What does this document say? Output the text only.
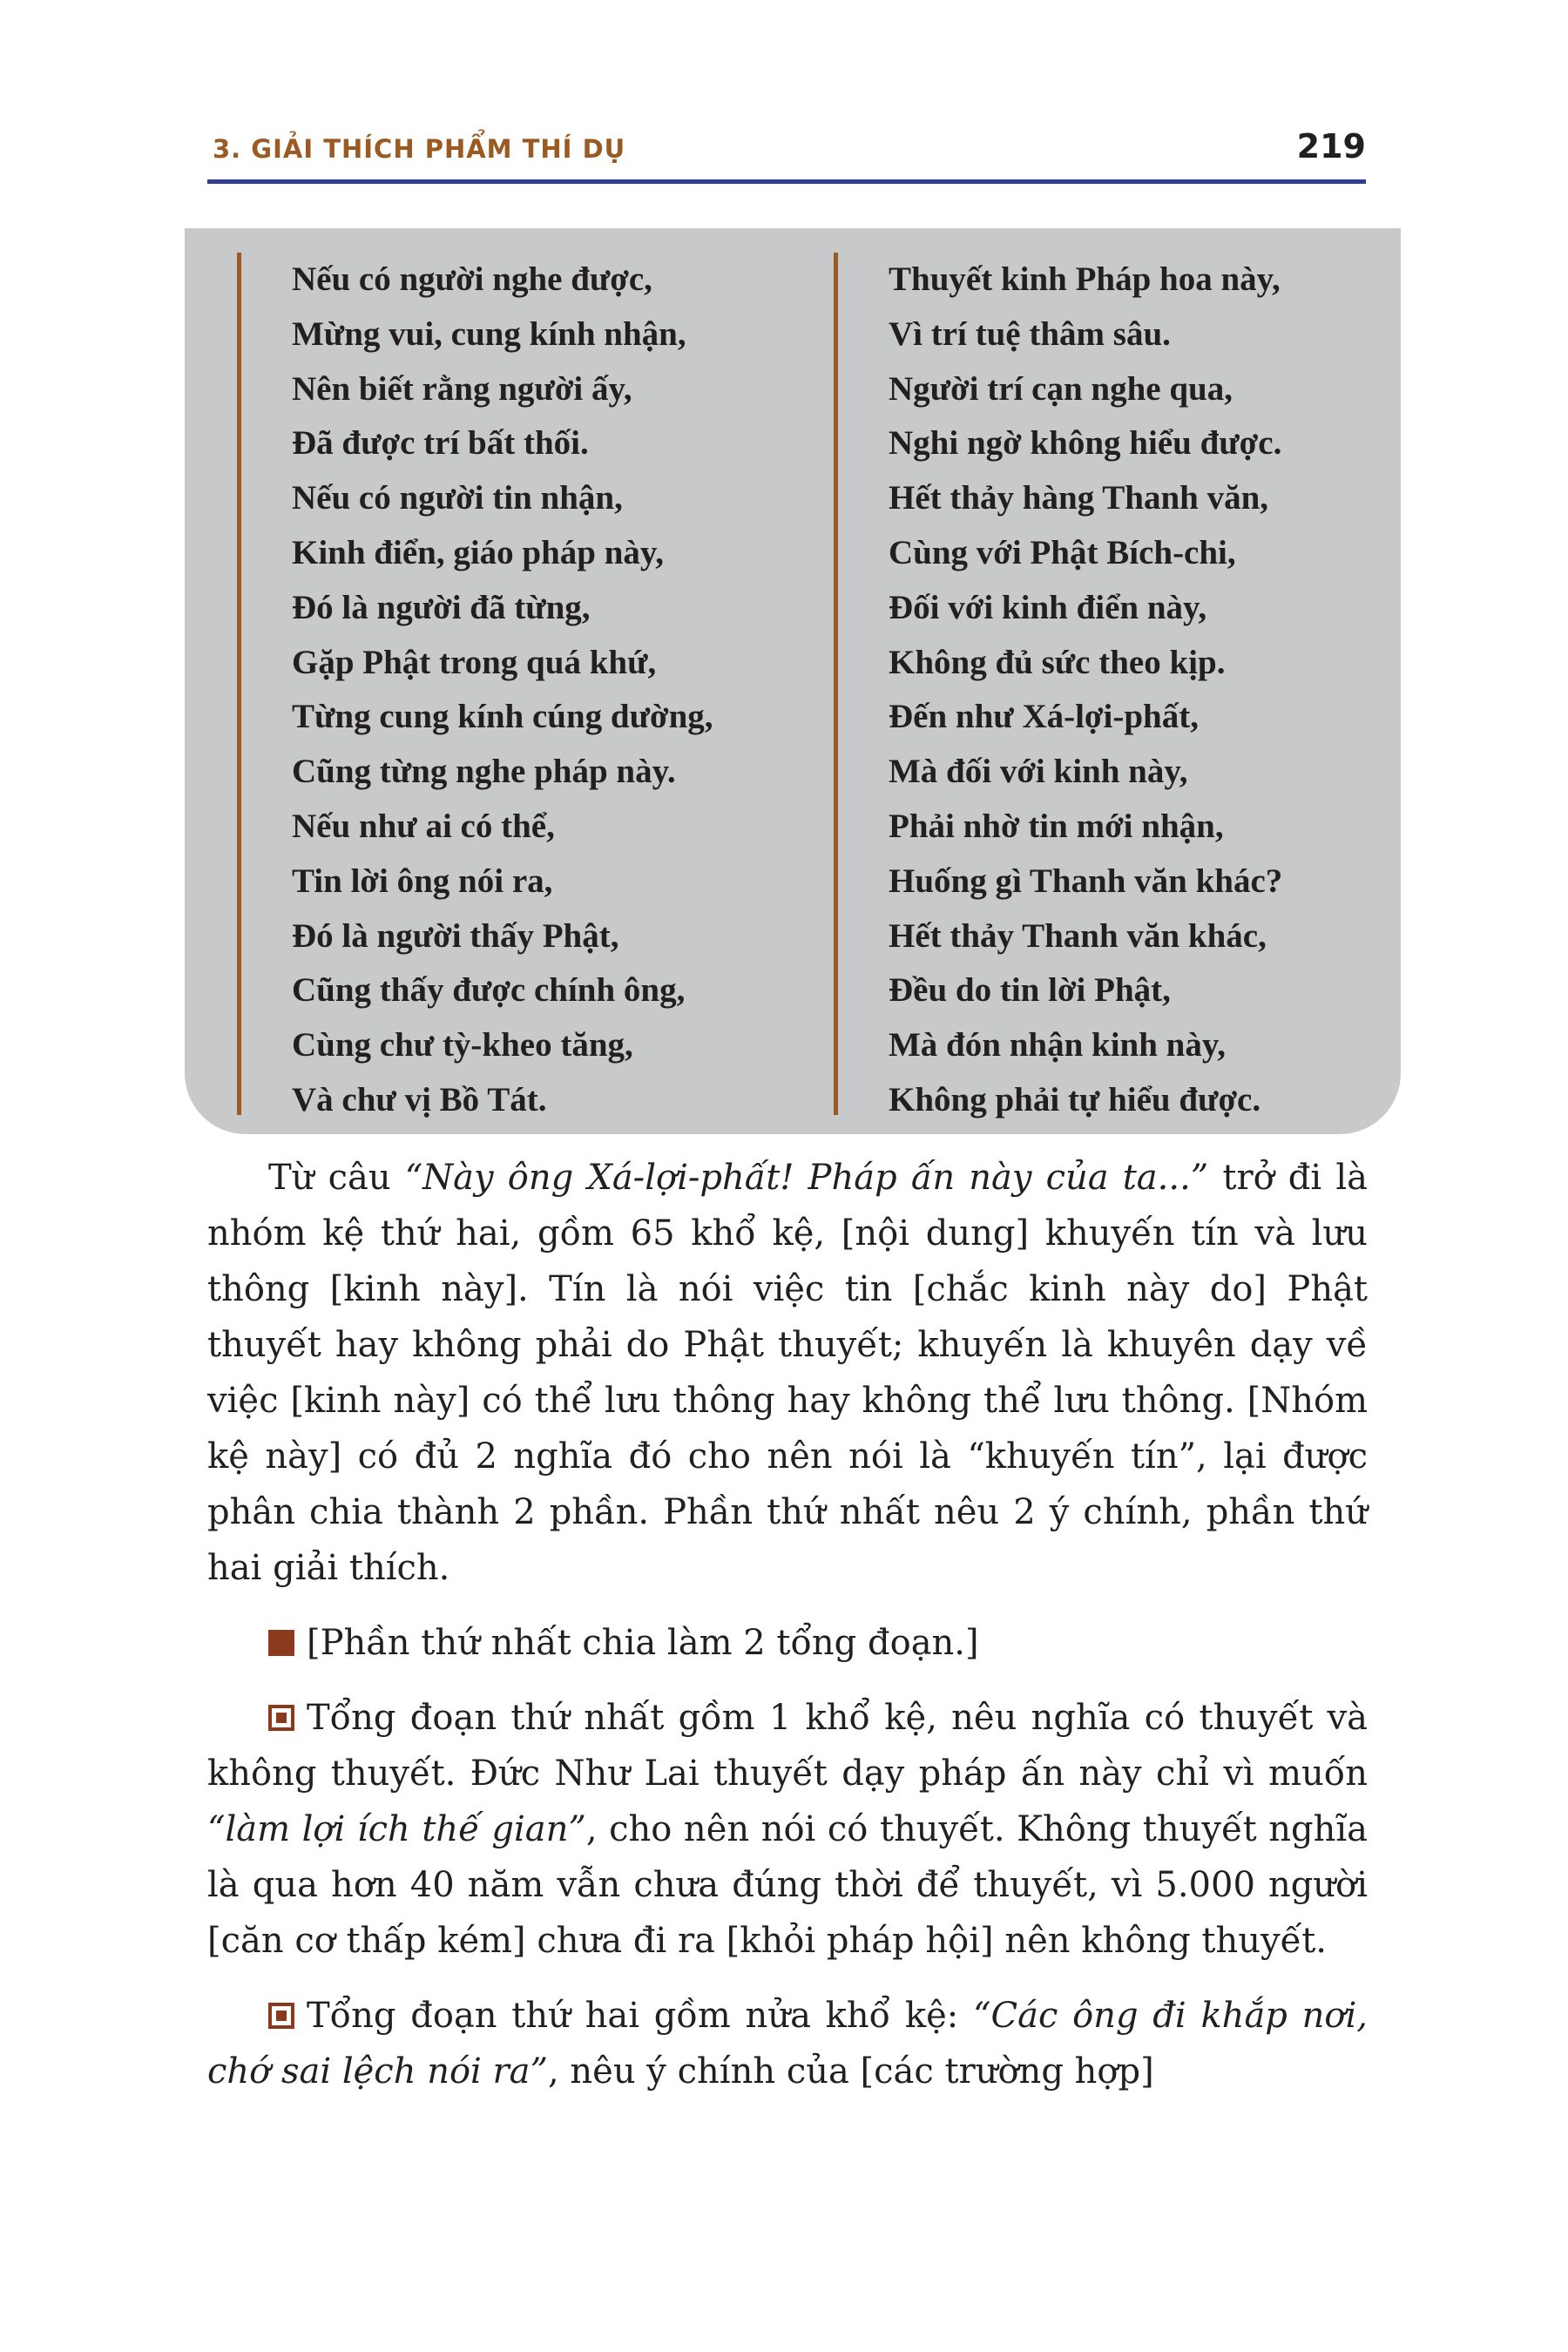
3. GIẢI THÍCH PHẨM THÍ DỤ	219
Nếu có người nghe được,
Mừng vui, cung kính nhận,
Nên biết rằng người ấy,
Đã được trí bất thối.
Nếu có người tin nhận,
Kinh điển, giáo pháp này,
Đó là người đã từng,
Gặp Phật trong quá khứ,
Từng cung kính cúng dường,
Cũng từng nghe pháp này.
Nếu như ai có thể,
Tin lời ông nói ra,
Đó là người thấy Phật,
Cũng thấy được chính ông,
Cùng chư tỳ-kheo tăng,
Và chư vị Bồ Tát.
Thuyết kinh Pháp hoa này,
Vì trí tuệ thâm sâu.
Người trí cạn nghe qua,
Nghi ngờ không hiểu được.
Hết thảy hàng Thanh văn,
Cùng với Phật Bích-chi,
Đối với kinh điển này,
Không đủ sức theo kịp.
Đến như Xá-lợi-phất,
Mà đối với kinh này,
Phải nhờ tin mới nhận,
Huống gì Thanh văn khác?
Hết thảy Thanh văn khác,
Đều do tin lời Phật,
Mà đón nhận kinh này,
Không phải tự hiểu được.

Từ câu “Này ông Xá-lợi-phất! Pháp ấn này của ta...” trở đi là nhóm kệ thứ hai, gồm 65 khổ kệ, [nội dung] khuyến tín và lưu thông [kinh này]. Tín là nói việc tin [chắc kinh này do] Phật thuyết hay không phải do Phật thuyết; khuyến là khuyên dạy về việc [kinh này] có thể lưu thông hay không thể lưu thông. [Nhóm kệ này] có đủ 2 nghĩa đó cho nên nói là “khuyến tín”, lại được phân chia thành 2 phần. Phần thứ nhất nêu 2 ý chính, phần thứ hai giải thích.

[Phần thứ nhất chia làm 2 tổng đoạn.]

Tổng đoạn thứ nhất gồm 1 khổ kệ, nêu nghĩa có thuyết và không thuyết. Đức Như Lai thuyết dạy pháp ấn này chỉ vì muốn “làm lợi ích thế gian”, cho nên nói có thuyết. Không thuyết nghĩa là qua hơn 40 năm vẫn chưa đúng thời để thuyết, vì 5.000 người [căn cơ thấp kém] chưa đi ra [khỏi pháp hội] nên không thuyết.

Tổng đoạn thứ hai gồm nửa khổ kệ: “Các ông đi khắp nơi, chớ sai lệch nói ra”, nêu ý chính của [các trường hợp]
